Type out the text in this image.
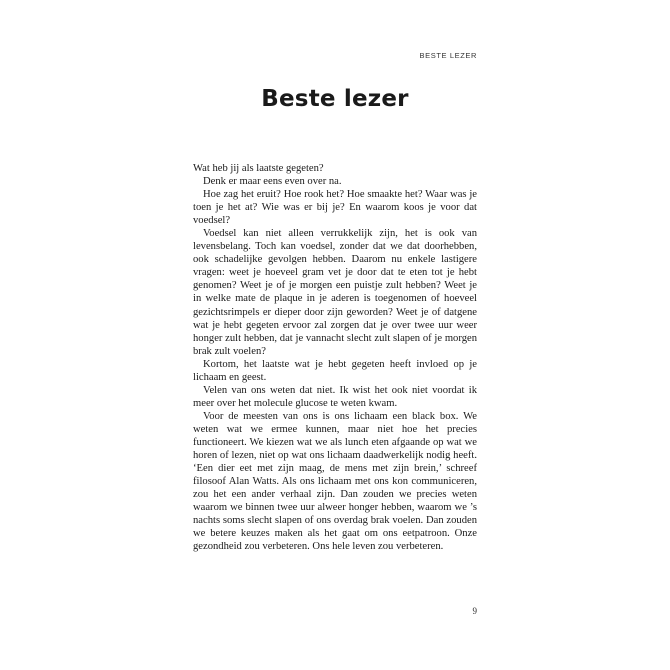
BESTE LEZER
Beste lezer

Wat heb jij als laatste gegeten?

Denk er maar eens even over na.

Hoe zag het eruit? Hoe rook het? Hoe smaakte het? Waar was je toen je het at? Wie was er bij je? En waarom koos je voor dat voedsel?

Voedsel kan niet alleen verrukkelijk zijn, het is ook van levensbelang. Toch kan voedsel, zonder dat we dat doorhebben, ook schadelijke gevolgen hebben. Daarom nu enkele lastigere vragen: weet je hoeveel gram vet je door dat te eten tot je hebt genomen? Weet je of je morgen een puistje zult hebben? Weet je in welke mate de plaque in je aderen is toegenomen of hoeveel gezichtsrimpels er dieper door zijn geworden? Weet je of datgene wat je hebt gegeten ervoor zal zorgen dat je over twee uur weer honger zult hebben, dat je vannacht slecht zult slapen of je morgen brak zult voelen?

Kortom, het laatste wat je hebt gegeten heeft invloed op je lichaam en geest.

Velen van ons weten dat niet. Ik wist het ook niet voordat ik meer over het molecule glucose te weten kwam.

Voor de meesten van ons is ons lichaam een black box. We weten wat we ermee kunnen, maar niet hoe het precies functioneert. We kiezen wat we als lunch eten afgaande op wat we horen of lezen, niet op wat ons lichaam daadwerkelijk nodig heeft. ‘Een dier eet met zijn maag, de mens met zijn brein,’ schreef filosoof Alan Watts. Als ons lichaam met ons kon communiceren, zou het een ander verhaal zijn. Dan zouden we precies weten waarom we binnen twee uur alweer honger hebben, waarom we ’s nachts soms slecht slapen of ons overdag brak voelen. Dan zouden we betere keuzes maken als het gaat om ons eetpatroon. Onze gezondheid zou verbeteren. Ons hele leven zou verbeteren.

9
